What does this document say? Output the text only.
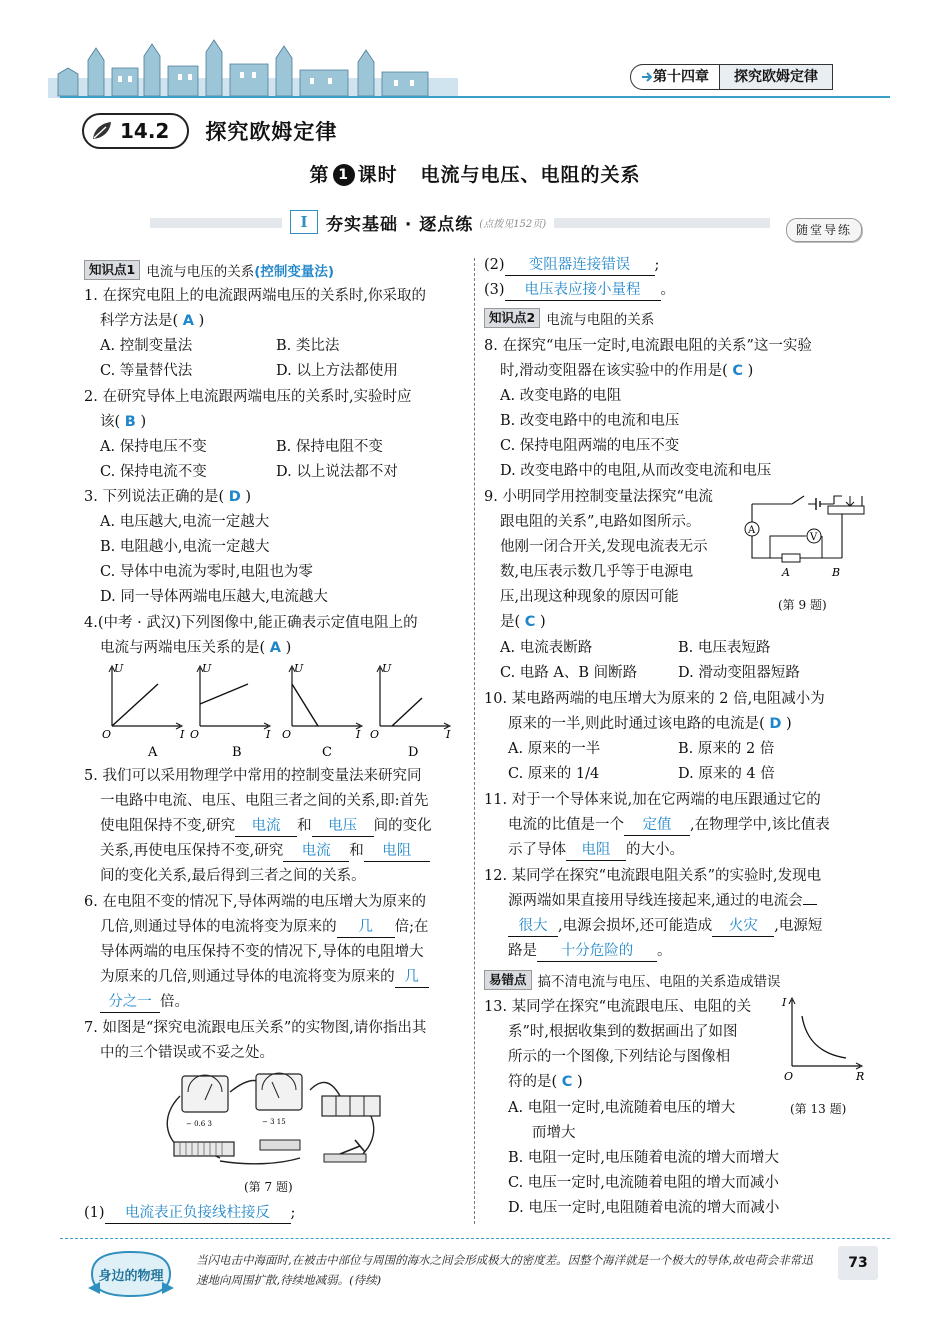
第十四章	探究欧姆定律
14.2 探究欧姆定律
第 1 课时 电流与电压、电阻的关系
I	夯实基础 · 逐点练 (点拨见152页)	随堂导练
知识点1 电流与电压的关系 (控制变量法)
1. 在探究电阻上的电流跟两端电压的关系时,你采取的
科学方法是( A )
A. 控制变量法	B. 类比法
C. 等量替代法	D. 以上方法都使用
2. 在研究导体上电流跟两端电压的关系时,实验时应
该( B )
A. 保持电压不变	B. 保持电阻不变
C. 保持电流不变	D. 以上说法都不对
3. 下列说法正确的是( D )
A. 电压越大,电流一定越大
B. 电阻越小,电流一定越大
C. 导体中电流为零时,电阻也为零
D. 同一导体两端电压越大,电流越大
4.(中考 · 武汉)下列图像中,能正确表示定值电阻上的
电流与两端电压关系的是( A )
U
O	I
A
U
O	I
B
U
O	I
C
U
O	I
D
5. 我们可以采用物理学中常用的控制变量法来研究同
一电路中电流、电压、电阻三者之间的关系,即:首先
使电阻保持不变,研究 电流 和 电压 间的变化
关系,再使电压保持不变,研究 电流 和 电阻
间的变化关系,最后得到三者之间的关系。
6. 在电阻不变的情况下,导体两端的电压增大为原来的
几倍,则通过导体的电流将变为原来的 几 倍;在
导体两端的电压保持不变的情况下,导体的电阻增大
为原来的几倍,则通过导体的电流将变为原来的 几
分之一 倍。
7. 如图是“探究电流跟电压关系”的实物图,请你指出其
中的三个错误或不妥之处。
− 0.6 3	− 3 15
(第 7 题)
(1) 电流表正负接线柱接反 ;
(2) 变阻器连接错误 ;
(3) 电压表应接小量程 。
知识点2 电流与电阻的关系
8. 在探究“电压一定时,电流跟电阻的关系”这一实验
时,滑动变阻器在该实验中的作用是( C )
A. 改变电路的电阻
B. 改变电路中的电流和电压
C. 保持电阻两端的电压不变
D. 改变电路中的电阻,从而改变电流和电压
9. 小明同学用控制变量法探究“电流
跟电阻的关系”,电路如图所示。
他刚一闭合开关,发现电流表无示
数,电压表示数几乎等于电源电
压,出现这种现象的原因可能
是( C )
A
V
A	B
(第 9 题)
A. 电流表断路	B. 电压表短路
C. 电路 A、B 间断路	D. 滑动变阻器短路
10. 某电路两端的电压增大为原来的 2 倍,电阻减小为
原来的一半,则此时通过该电路的电流是( D )
A. 原来的一半	B. 原来的 2 倍
C. 原来的 1/4	D. 原来的 4 倍
11. 对于一个导体来说,加在它两端的电压跟通过它的
电流的比值是一个 定值 ,在物理学中,该比值表
示了导体 电阻 的大小。
12. 某同学在探究“电流跟电阻关系”的实验时,发现电
源两端如果直接用导线连接起来,通过的电流会
很大 ,电源会损坏,还可能造成 火灾 ,电源短
路是 十分危险的 。
易错点 搞不清电流与电压、电阻的关系造成错误
13. 某同学在探究“电流跟电压、电阻的关
系”时,根据收集到的数据画出了如图
所示的一个图像,下列结论与图像相
符的是( C )
I
O	R
(第 13 题)
A. 电阻一定时,电流随着电压的增大
而增大
B. 电阻一定时,电压随着电流的增大而增大
C. 电压一定时,电流随着电阻的增大而减小
D. 电压一定时,电阻随着电流的增大而减小
身边的物理
当闪电击中海面时,在被击中部位与周围的海水之间会形成极大的密度差。因整个海洋就是一个极大的导体,故电荷会非常迅速地向周围扩散,待续地减弱。(待续)
73
